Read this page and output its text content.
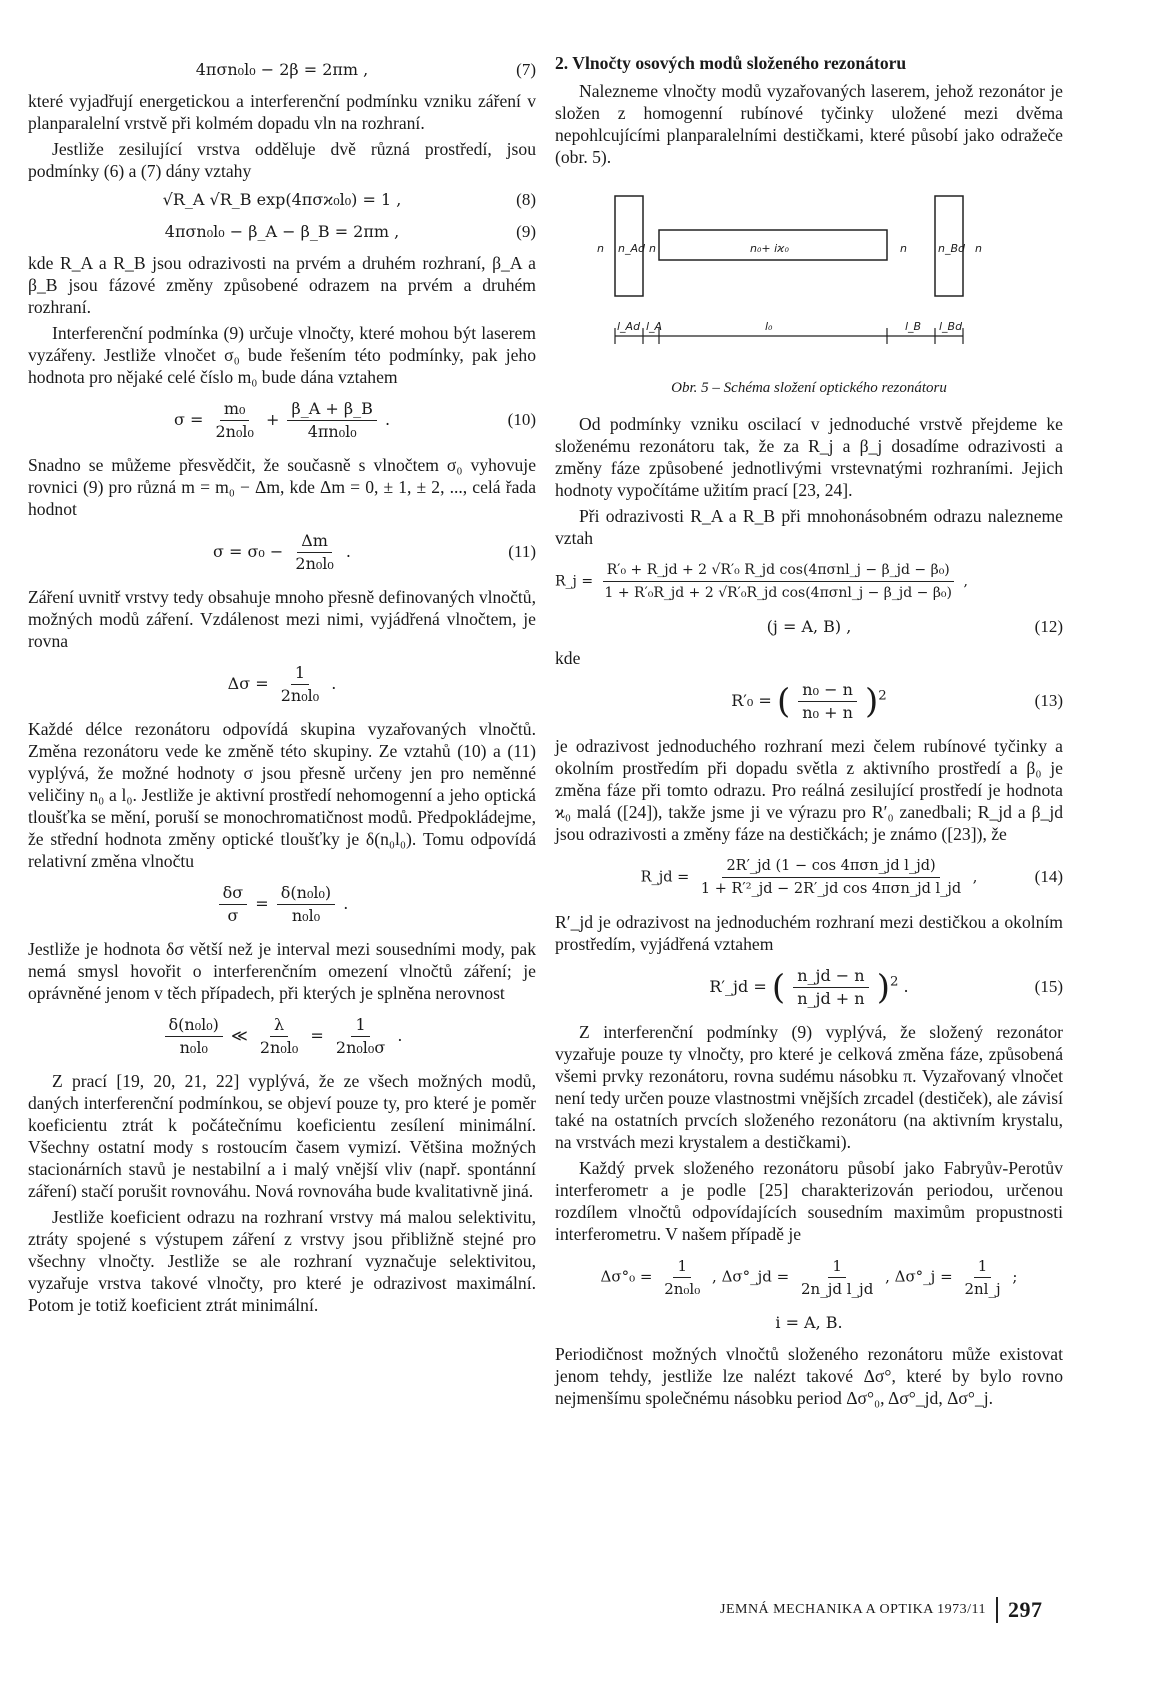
4πσn₀l₀ − 2β = 2πm ,	(7)

které vyjadřují energetickou a interferenční podmínku vzniku záření v planparalelní vrstvě při kolmém dopadu vln na rozhraní.

Jestliže zesilující vrstva odděluje dvě různá prostředí, jsou podmínky (6) a (7) dány vztahy

√R_A √R_B exp(4πσϰ₀l₀) = 1 ,	(8)
4πσn₀l₀ − β_A − β_B = 2πm ,	(9)

kde R_A a R_B jsou odrazivosti na prvém a druhém rozhraní, β_A a β_B jsou fázové změny způsobené odrazem na prvém a druhém rozhraní.

Interferenční podmínka (9) určuje vlnočty, které mohou být laserem vyzářeny. Jestliže vlnočet σ₀ bude řešením této podmínky, pak jeho hodnota pro nějaké celé číslo m₀ bude dána vztahem

$\sigma = \frac{\text{m₀}}{\text{2n₀l₀}} + \frac{\beta\_A + \beta\_B}{\text{4πn₀l₀}}$ .	(10)

Snadno se můžeme přesvědčit, že současně s vlnočtem σ₀ vyhovuje rovnici (9) pro různá m = m₀ − Δm, kde Δm = 0, ± 1, ± 2, ..., celá řada hodnot

$\sigma = \sigma_0 - \frac{\Delta m}{\text{2n₀l₀}}$ .	(11)

Záření uvnitř vrstvy tedy obsahuje mnoho přesně definovaných vlnočtů, možných modů záření. Vzdálenost mezi nimi, vyjádřená vlnočtem, je rovna

$\Delta\sigma = \frac{1}{\text{2n₀l₀}}$ .

Každé délce rezonátoru odpovídá skupina vyzařovaných vlnočtů. Změna rezonátoru vede ke změně této skupiny. Ze vztahů (10) a (11) vyplývá, že možné hodnoty σ jsou přesně určeny jen pro neměnné veličiny n₀ a l₀. Jestliže je aktivní prostředí nehomogenní a jeho optická tloušťka se mění, poruší se monochromatičnost modů. Předpokládejme, že střední hodnota změny optické tloušťky je δ(n₀l₀). Tomu odpovídá relativní změna vlnočtu

$\frac{\delta\sigma}{\sigma} = \frac{\text{δ(n₀l₀)}}{\text{n₀l₀}}$ .

Jestliže je hodnota δσ větší než je interval mezi sousedními mody, pak nemá smysl hovořit o interferenčním omezení vlnočtů záření; je oprávněné jenom v těch případech, při kterých je splněna nerovnost

$\frac{\text{δ(n₀l₀)}}{\text{n₀l₀}}$ ≪ $\frac{\lambda}{\text{2n₀l₀}} = \frac{1}{\text{2n₀l₀σ}}$ .

Z prací [19, 20, 21, 22] vyplývá, že ze všech možných modů, daných interferenční podmínkou, se objeví pouze ty, pro které je poměr koeficientu ztrát k počátečnímu koeficientu zesílení minimální. Všechny ostatní mody s rostoucím časem vymizí. Většina možných stacionárních stavů je nestabilní a i malý vnější vliv (např. spontánní záření) stačí porušit rovnováhu. Nová rovnováha bude kvalitativně jiná.

Jestliže koeficient odrazu na rozhraní vrstvy má malou selektivitu, ztráty spojené s výstupem záření z vrstvy jsou přibližně stejné pro všechny vlnočty. Jestliže se ale rozhraní vyznačuje selektivitou, vyzařuje vrstva takové vlnočty, pro které je odrazivost maximální. Potom je totiž koeficient ztrát minimální.

2. Vlnočty osových modů složeného rezonátoru

Nalezneme vlnočty modů vyzařovaných laserem, jehož rezonátor je složen z homogenní rubínové tyčinky uložené mezi dvěma nepohlcujícími planparalelními destičkami, které působí jako odražeče (obr. 5).

n n_Ad n	n₀+ iϰ₀	n	n_Bd n
l_Ad l_A	l₀	l_B l_Bd
Obr. 5 – Schéma složení optického rezonátoru

Od podmínky vzniku oscilací v jednoduché vrstvě přejdeme ke složenému rezonátoru tak, že za R_j a β_j dosadíme odrazivosti a změny fáze způsobené jednotlivými vrstevnatými rozhraními. Jejich hodnoty vypočítáme užitím prací [23, 24].

Při odrazivosti R_A a R_B při mnohonásobném odrazu nalezneme vztah

R_j = $\frac{\text{R′₀ + R\_jd + 2 √R′₀ R\_jd cos(4πσnl\_j − β\_jd − β₀)}}{\text{1 + R′₀R\_jd + 2 √R′₀R\_jd cos(4πσnl\_j − β\_jd − β₀)}}$ ,
(j = A, B) ,	(12)

kde

R′₀ = ( $\frac{\text{n₀ − n}}{\text{n₀ + n}} )^2$	(13)

je odrazivost jednoduchého rozhraní mezi čelem rubínové tyčinky a okolním prostředím při dopadu světla z aktivního prostředí a β₀ je změna fáze při tomto odrazu. Pro reálná zesilující prostředí je hodnota ϰ₀ malá ([24]), takže jsme ji ve výrazu pro R′₀ zanedbali; R_jd a β_jd jsou odrazivosti a změny fáze na destičkách; je známo ([23]), že

R_jd = $\frac{\text{2R′\_jd (1 − cos 4πσn\_jd l\_jd)}}{\text{1 + R′²\_jd − 2R′\_jd cos 4πσn\_jd l\_jd}}$ ,	(14)

R′_jd je odrazivost na jednoduchém rozhraní mezi destičkou a okolním prostředím, vyjádřená vztahem

R′_jd = ( $\frac{n\_jd - n}{n\_jd + n} )^2$ .	(15)

Z interferenční podmínky (9) vyplývá, že složený rezonátor vyzařuje pouze ty vlnočty, pro které je celková změna fáze, způsobená všemi prvky rezonátoru, rovna sudému násobku π. Vyzařovaný vlnočet není tedy určen pouze vlastnostmi vnějších zrcadel (destiček), ale závisí také na ostatních prvcích složeného rezonátoru (na aktivním krystalu, na vrstvách mezi krystalem a destičkami).

Každý prvek složeného rezonátoru působí jako Fabryův-Perotův interferometr a je podle [25] charakterizován periodou, určenou rozdílem vlnočtů odpovídajících sousedním maximům propustnosti interferometru. V našem případě je

$\Delta\sigma^\circ_0 = \frac{1}{\text{2n₀l₀}}$ , Δσ°_jd = $\frac{1}{\text{2n\_jd l\_jd}}$ , Δσ°_j = $\frac{1}{2nl\_j}$ ;
i = A, B.

Periodičnost možných vlnočtů složeného rezonátoru může existovat jenom tehdy, jestliže lze nalézt takové Δσ°, které by bylo rovno nejmenšímu společnému násobku period Δσ°₀, Δσ°_jd, Δσ°_j.

JEMNÁ MECHANIKA A OPTIKA 1973/11	297
